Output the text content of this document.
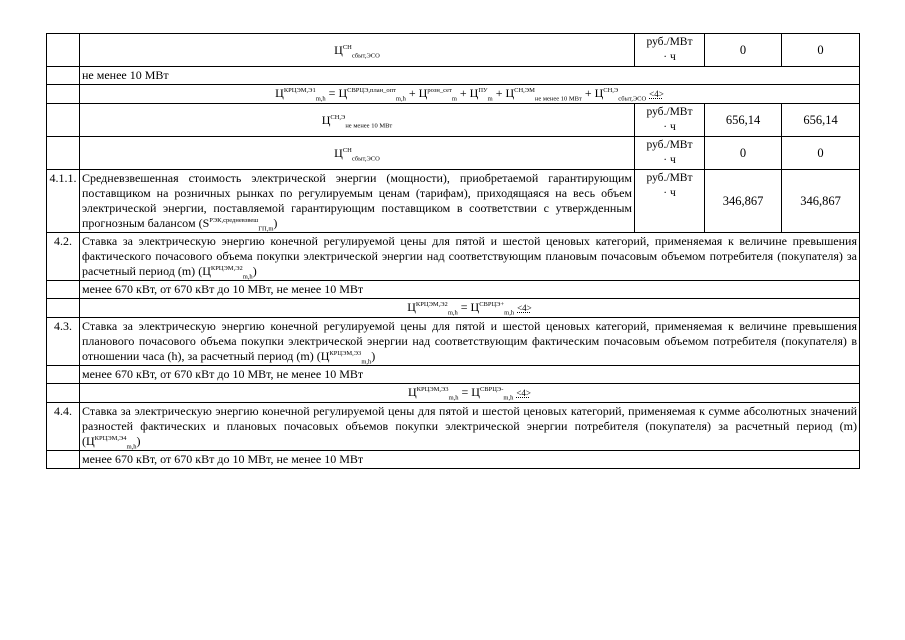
	$Ц^{СН}_{сбыт,ЭСО}$	руб./МВт
· ч	0	0
	не менее 10 МВт			
	$Ц^{КРЦЭМ,Э1}_{m,h} = Ц^{СВРЦЭ,план\_опт}_{m,h} + Ц^{розн\_сет}_m + Ц^{ПУ}_m + Ц^{СН,ЭМ}_{не менее 10 МВт} + Ц^{СН,Э}_{сбыт,ЭСО} <4>$			
	$Ц^{СН,Э}_{не менее 10 МВт}$	руб./МВт
· ч	656,14	656,14
	$Ц^{СН}_{сбыт,ЭСО}$	руб./МВт
· ч	0	0
4.1.1.	Средневзвешенная стоимость электрической энергии (мощности), приобретаемой гарантирующим поставщиком на розничных рынках по регулируемым ценам (тарифам), приходящаяся на весь объем электрической энергии, поставляемой гарантирующим поставщиком в соответствии с утвержденным прогнозным балансом $(S^{РЭК,средневзвеш}_{ГП,m})$	руб./МВт
· ч	346,867	346,867
4.2.	Ставка за электрическую энергию конечной регулируемой цены для пятой и шестой ценовых категорий, применяемая к величине превышения фактического почасового объема покупки электрической энергии над соответствующим плановым почасовым объемом потребителя (покупателя) за расчетный период (m) $(Ц^{КРЦЭМ,Э2}_{m,h})$			
	менее 670 кВт, от 670 кВт до 10 МВт, не менее 10 МВт			
	$Ц^{КРЦЭМ,Э2}_{m,h} = Ц^{СВРЦЭ+}_{m,h} <4>$			
4.3.	Ставка за электрическую энергию конечной регулируемой цены для пятой и шестой ценовых категорий, применяемая к величине превышения планового почасового объема покупки электрической энергии над соответствующим фактическим почасовым объемом потребителя (покупателя) в отношении часа (h), за расчетный период (m) $(Ц^{КРЦЭМ,Э3}_{m,h})$			
	менее 670 кВт, от 670 кВт до 10 МВт, не менее 10 МВт			
	$Ц^{КРЦЭМ,Э3}_{m,h} = Ц^{СВРЦЭ-}_{m,h} <4>$			
4.4.	Ставка за электрическую энергию конечной регулируемой цены для пятой и шестой ценовых категорий, применяемая к сумме абсолютных значений разностей фактических и плановых почасовых объемов покупки электрической энергии потребителя (покупателя) за расчетный период (m) $(Ц^{КРЦЭМ,Э4}_{m,h})$			
	менее 670 кВт, от 670 кВт до 10 МВт, не менее 10 МВт			
